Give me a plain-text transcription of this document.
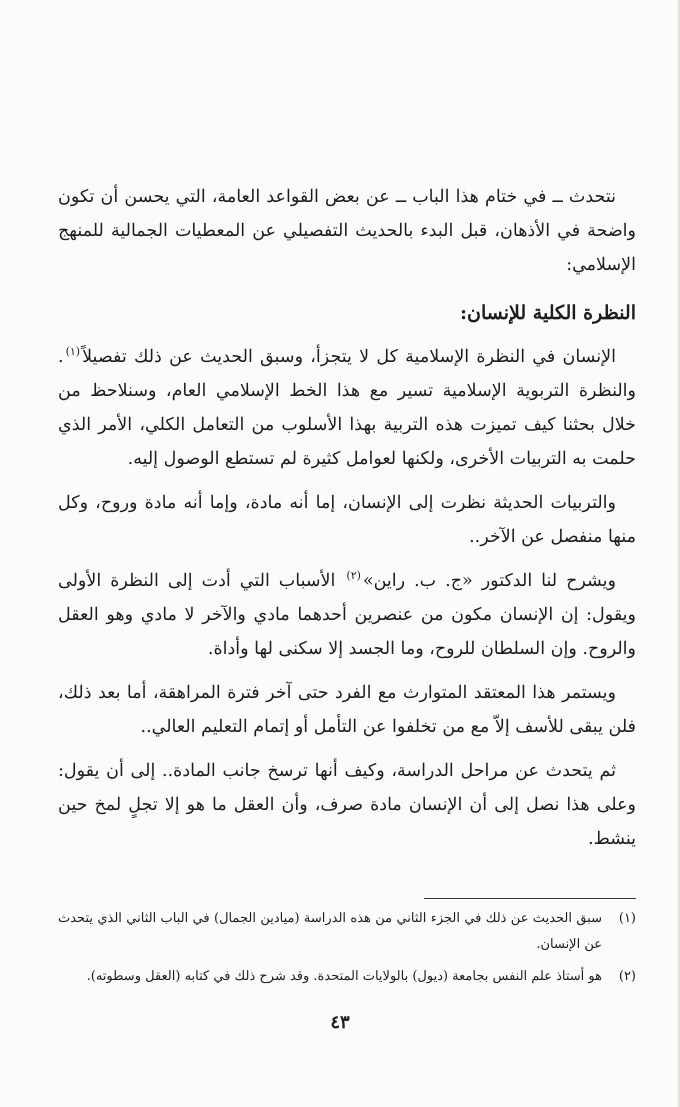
نتحدث ــ في ختام هذا الباب ــ عن بعض القواعد العامة، التي يحسن أن تكون واضحة في الأذهان، قبل البدء بالحديث التفصيلي عن المعطيات الجمالية للمنهج الإسلامي:

النظرة الكلية للإنسان:

الإنسان في النظرة الإسلامية كل لا يتجزأ، وسبق الحديث عن ذلك تفصيلاً$^{(١)}$. والنظرة التربوية الإسلامية تسير مع هذا الخط الإسلامي العام، وسنلاحظ من خلال بحثنا كيف تميزت هذه التربية بهذا الأسلوب من التعامل الكلي، الأمر الذي حلمت به التربيات الأخرى، ولكنها لعوامل كثيرة لم تستطع الوصول إليه.

والتربيات الحديثة نظرت إلى الإنسان، إما أنه مادة، وإما أنه مادة وروح، وكل منها منفصل عن الآخر..

ويشرح لنا الدكتور «ج. ب. راين»$^{(٢)}$ الأسباب التي أدت إلى النظرة الأولى ويقول: إن الإنسان مكون من عنصرين أحدهما مادي والآخر لا مادي وهو العقل والروح. وإن السلطان للروح، وما الجسد إلا سكنى لها وأداة.

ويستمر هذا المعتقد المتوارث مع الفرد حتى آخر فترة المراهقة، أما بعد ذلك، فلن يبقى للأسف إلاّ مع من تخلفوا عن التأمل أو إتمام التعليم العالي..

ثم يتحدث عن مراحل الدراسة، وكيف أنها ترسخ جانب المادة.. إلى أن يقول: وعلى هذا نصل إلى أن الإنسان مادة صرف، وأن العقل ما هو إلا تجلٍ لمخ حين ينشط.

(١)
سبق الحديث عن ذلك في الجزء الثاني من هذه الدراسة (ميادين الجمال) في الباب الثاني الذي يتحدث عن الإنسان.
(٢)
هو أستاذ علم النفس بجامعة (ديول) بالولايات المتحدة. وقد شرح ذلك في كتابه (العقل وسطوته).
٤٣
